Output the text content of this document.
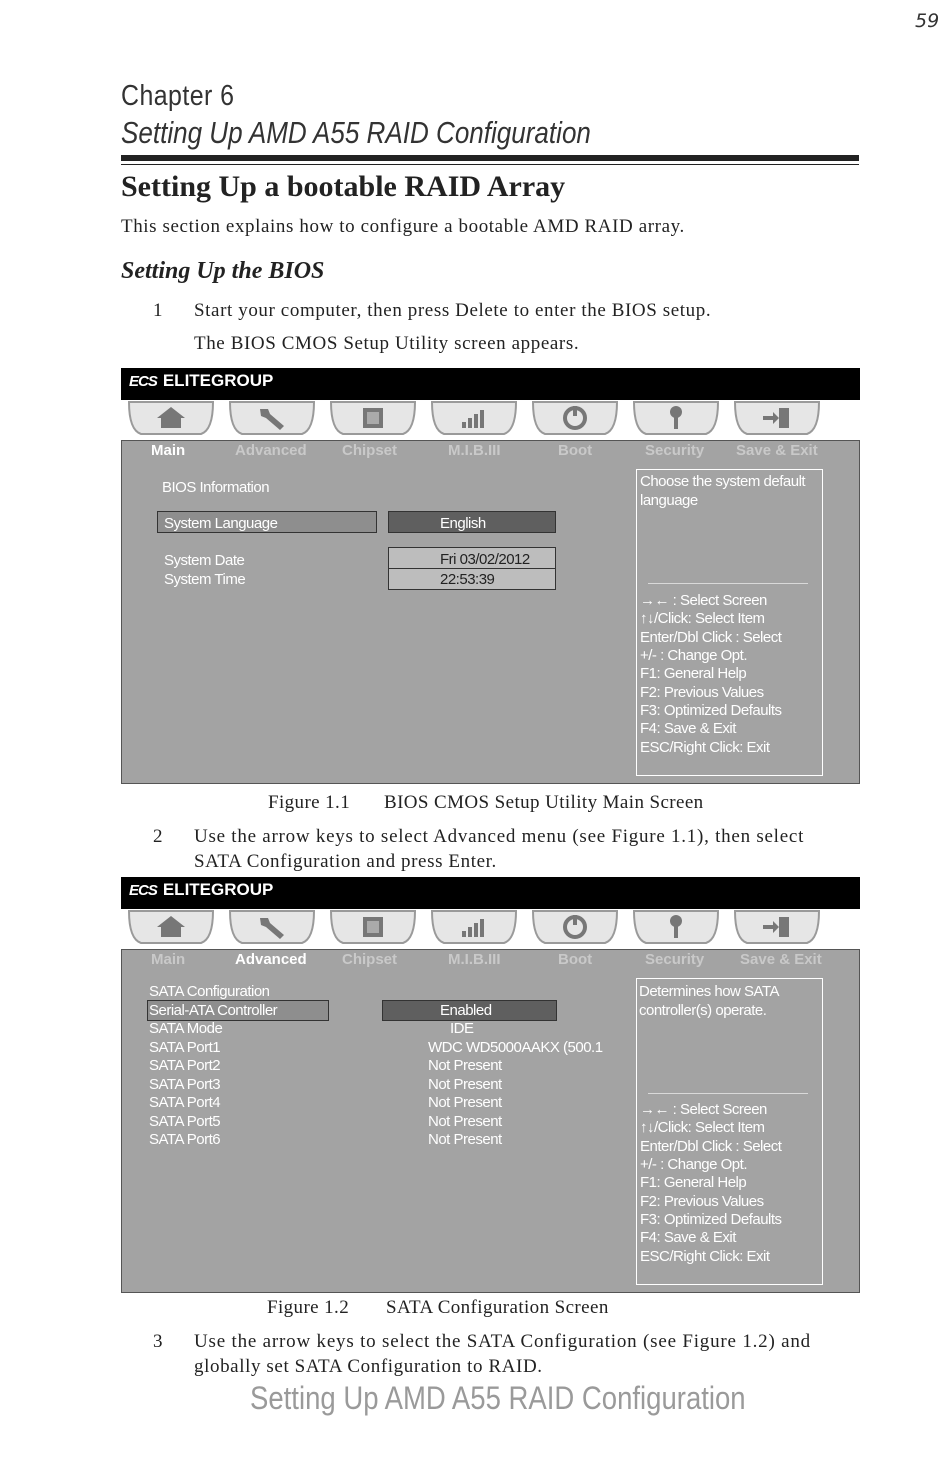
59
Chapter 6
Setting Up AMD A55 RAID Configuration
Setting Up a bootable RAID Array
This section explains how to configure a bootable AMD RAID array.
Setting Up the BIOS
1 Start your computer, then press Delete to enter the BIOS setup.
The BIOS CMOS Setup Utility screen appears.
ECS ELITEGROUP
Main	Advanced Chipset	M.I.B.III	Boot	Security Save & Exit
BIOS Information
System Language	English
System Date	Fri 03/02/2012
System Time	22:53:39
Choose the system default
language
→← : Select Screen
↑↓/Click: Select Item
Enter/Dbl Click : Select
+/- : Change Opt.
F1: General Help
F2: Previous Values
F3: Optimized Defaults
F4: Save & Exit
ESC/Right Click: Exit
Figure 1.1 BIOS CMOS Setup Utility Main Screen
2 Use the arrow keys to select Advanced menu (see Figure 1.1), then select
SATA Configuration and press Enter.
ECS ELITEGROUP
Main	Advanced Chipset	M.I.B.III	Boot	Security Save & Exit
SATA Configuration
Serial-ATA Controller	Enabled
SATA Mode	IDE
SATA Port1	WDC WD5000AAKX (500.1
SATA Port2	Not Present
SATA Port3	Not Present
SATA Port4	Not Present
SATA Port5	Not Present
SATA Port6	Not Present
Determines how SATA
controller(s) operate.
→← : Select Screen
↑↓/Click: Select Item
Enter/Dbl Click : Select
+/- : Change Opt.
F1: General Help
F2: Previous Values
F3: Optimized Defaults
F4: Save & Exit
ESC/Right Click: Exit
Figure 1.2 SATA Configuration Screen
3 Use the arrow keys to select the SATA Configuration (see Figure 1.2) and
globally set SATA Configuration to RAID.
Setting Up AMD A55 RAID Configuration
